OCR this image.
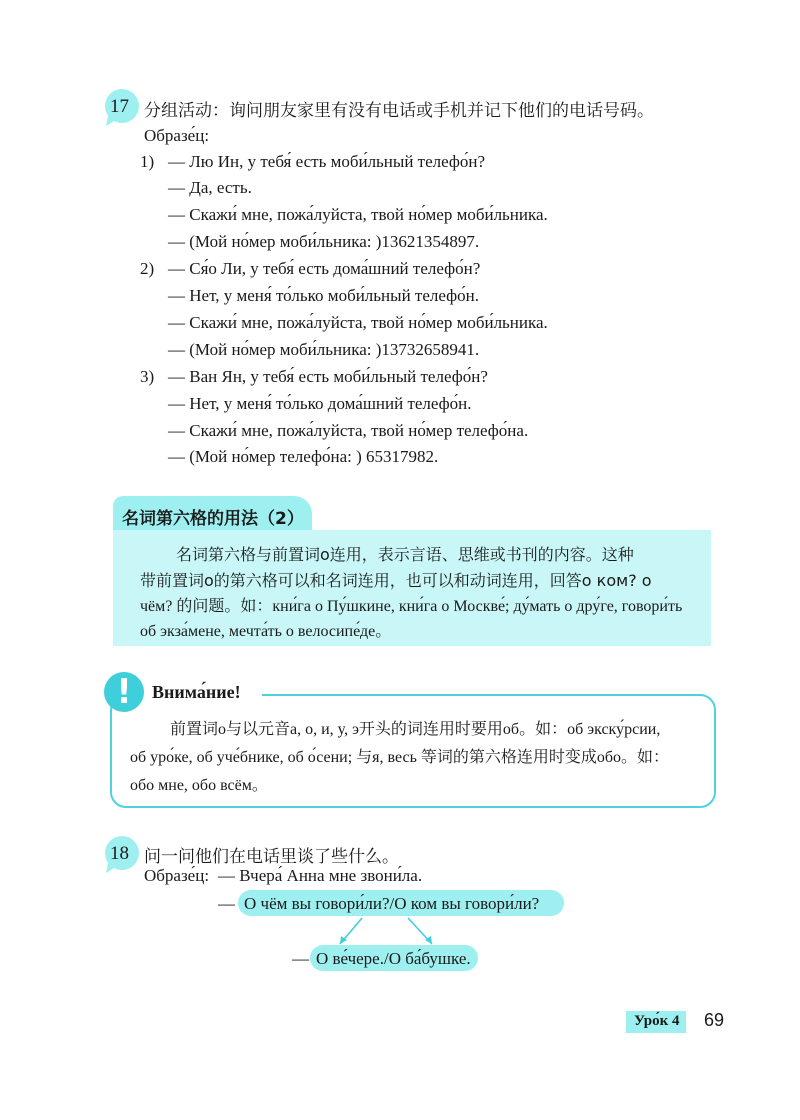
17 分组活动：询问朋友家里有没有电话或手机并记下他们的电话号码。
Образе́ц:
1) — Лю Ин, у тебя́ есть моби́льный телефо́н?
— Да, есть.
— Скажи́ мне, пожа́луйста, твой но́мер моби́льника.
— (Мой но́мер моби́льника: )13621354897.
2) — Ся́о Ли, у тебя́ есть дома́шний телефо́н?
— Нет, у меня́ то́лько моби́льный телефо́н.
— Скажи́ мне, пожа́луйста, твой но́мер моби́льника.
— (Мой но́мер моби́льника: )13732658941.
3) — Ван Ян, у тебя́ есть моби́льный телефо́н?
— Нет, у меня́ то́лько дома́шний телефо́н.
— Скажи́ мне, пожа́луйста, твой но́мер телефо́на.
— (Мой но́мер телефо́на: ) 65317982.
名词第六格的用法（2）
名词第六格与前置词о连用，表示言语、思维或书刊的内容。这种
带前置词о的第六格可以和名词连用，也可以和动词连用，回答о ком? о
чём? 的问题。如：кни́га о Пу́шкине, кни́га о Москве́; ду́мать о дру́ге, говори́ть
об экза́мене, мечта́ть о велосипе́де。
! Внима́ние!
前置词о与以元音а, о, и, у, э开头的词连用时要用об。如：об экску́рсии,
об уро́ке, об уче́бнике, об о́сени; 与я, весь 等词的第六格连用时变成обо。如：
обо мне, обо всём。
18 问一问他们在电话里谈了些什么。
Образе́ц: — Вчера́ Анна мне звони́ла.
— О чём вы говори́ли?/О ком вы говори́ли?
— О ве́чере./О ба́бушке.
Уро́к 4 69
